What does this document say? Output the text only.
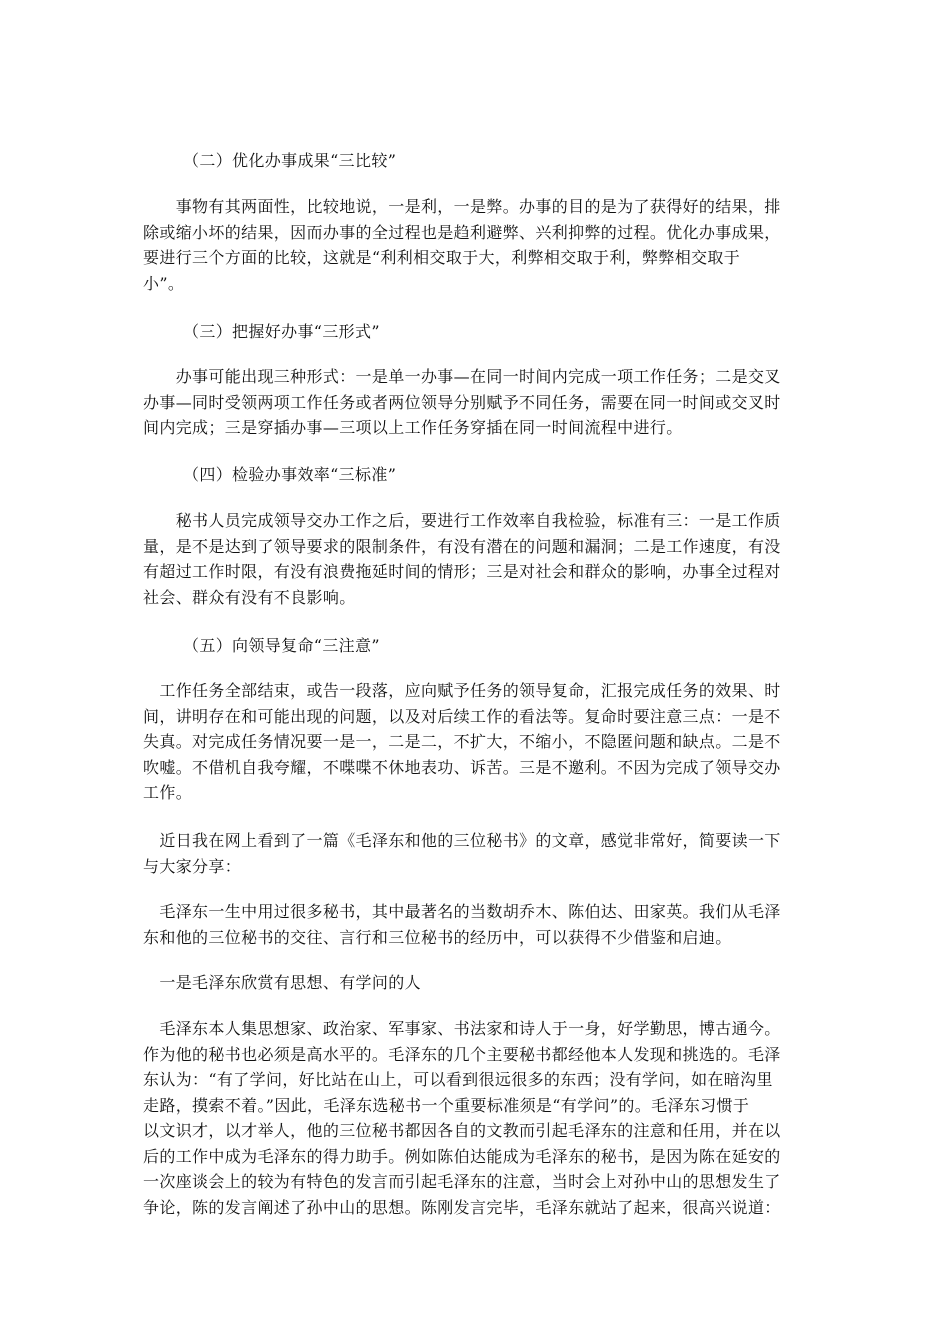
（二）优化办事成果“三比较”
　　事物有其两面性，比较地说，一是利，一是弊。办事的目的是为了获得好的结果，排
除或缩小坏的结果，因而办事的全过程也是趋利避弊、兴利抑弊的过程。优化办事成果，
要进行三个方面的比较，这就是“利利相交取于大，利弊相交取于利，弊弊相交取于
小”。
（三）把握好办事“三形式”
　　办事可能出现三种形式：一是单一办事—在同一时间内完成一项工作任务；二是交叉
办事—同时受领两项工作任务或者两位领导分别赋予不同任务，需要在同一时间或交叉时
间内完成；三是穿插办事—三项以上工作任务穿插在同一时间流程中进行。
（四）检验办事效率“三标准”
　　秘书人员完成领导交办工作之后，要进行工作效率自我检验，标准有三：一是工作质
量，是不是达到了领导要求的限制条件，有没有潜在的问题和漏洞；二是工作速度，有没
有超过工作时限，有没有浪费拖延时间的情形；三是对社会和群众的影响，办事全过程对
社会、群众有没有不良影响。
（五）向领导复命“三注意”
　工作任务全部结束，或告一段落，应向赋予任务的领导复命，汇报完成任务的效果、时
间，讲明存在和可能出现的问题，以及对后续工作的看法等。复命时要注意三点：一是不
失真。对完成任务情况要一是一，二是二，不扩大，不缩小，不隐匿问题和缺点。二是不
吹嘘。不借机自我夸耀，不喋喋不休地表功、诉苦。三是不邀利。不因为完成了领导交办
工作。
　近日我在网上看到了一篇《毛泽东和他的三位秘书》的文章，感觉非常好，简要读一下
与大家分享：
　毛泽东一生中用过很多秘书，其中最著名的当数胡乔木、陈伯达、田家英。我们从毛泽
东和他的三位秘书的交往、言行和三位秘书的经历中，可以获得不少借鉴和启迪。
　一是毛泽东欣赏有思想、有学问的人
　毛泽东本人集思想家、政治家、军事家、书法家和诗人于一身，好学勤思，博古通今。
作为他的秘书也必须是高水平的。毛泽东的几个主要秘书都经他本人发现和挑选的。毛泽
东认为：“有了学问，好比站在山上，可以看到很远很多的东西；没有学问，如在暗沟里
走路，摸索不着。”因此，毛泽东选秘书一个重要标准须是“有学问”的。毛泽东习惯于
以文识才，以才举人，他的三位秘书都因各自的文教而引起毛泽东的注意和任用，并在以
后的工作中成为毛泽东的得力助手。例如陈伯达能成为毛泽东的秘书，是因为陈在延安的
一次座谈会上的较为有特色的发言而引起毛泽东的注意，当时会上对孙中山的思想发生了
争论，陈的发言阐述了孙中山的思想。陈刚发言完毕，毛泽东就站了起来，很高兴说道：
